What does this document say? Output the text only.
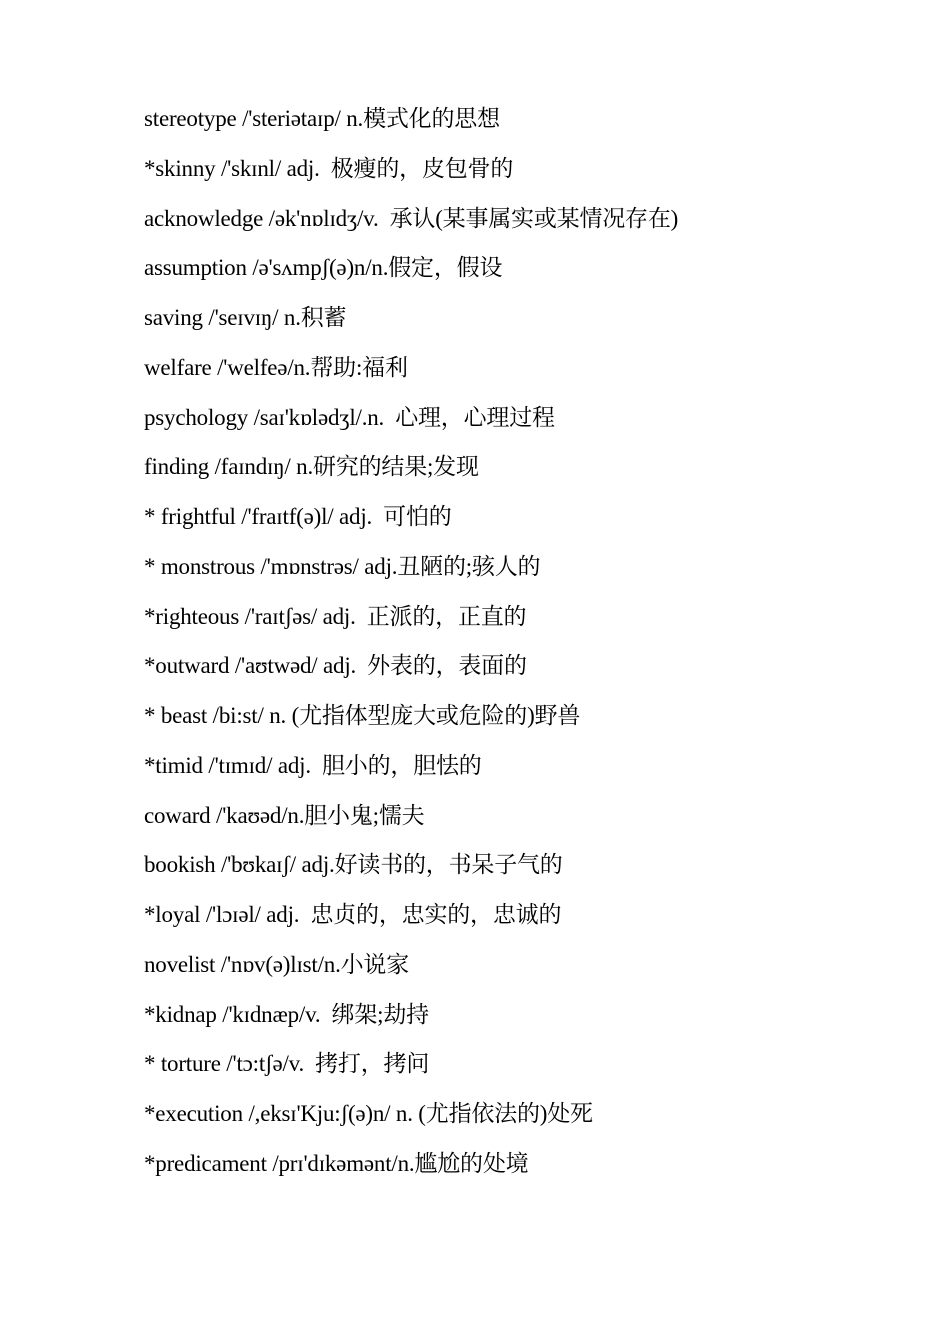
stereotype /'steriətaɪp/ n.模式化的思想
*skinny /'skɪnl/ adj.  极瘦的，皮包骨的
acknowledge /ək'nɒlɪdʒ/v.  承认(某事属实或某情况存在)
assumption /ə'sʌmpʃ(ə)n/n.假定，假设
saving /'seɪvɪŋ/ n.积蓄
welfare /'welfeə/n.帮助:福利
psychology /saɪ'kɒlədʒl/.n.  心理，心理过程
finding /faɪndɪŋ/ n.研究的结果;发现
* frightful /'fraɪtf(ə)l/ adj.  可怕的
* monstrous /'mɒnstrəs/ adj.丑陋的;骇人的
*righteous /'raɪtʃəs/ adj.  正派的，正直的
*outward /'aʊtwəd/ adj.  外表的，表面的
* beast /bi:st/ n. (尤指体型庞大或危险的)野兽
*timid /'tɪmɪd/ adj.  胆小的，胆怯的
coward /'kaʊəd/n.胆小鬼;懦夫
bookish /'bʊkaɪʃ/ adj.好读书的，书呆子气的
*loyal /'lɔɪəl/ adj.  忠贞的，忠实的，忠诚的
novelist /'nɒv(ə)lɪst/n.小说家
*kidnap /'kɪdnæp/v.  绑架;劫持
* torture /'tɔ:tʃə/v.  拷打，拷问
*execution /,eksɪ'Kju:ʃ(ə)n/ n. (尤指依法的)处死
*predicament /prɪ'dɪkəmənt/n.尴尬的处境
